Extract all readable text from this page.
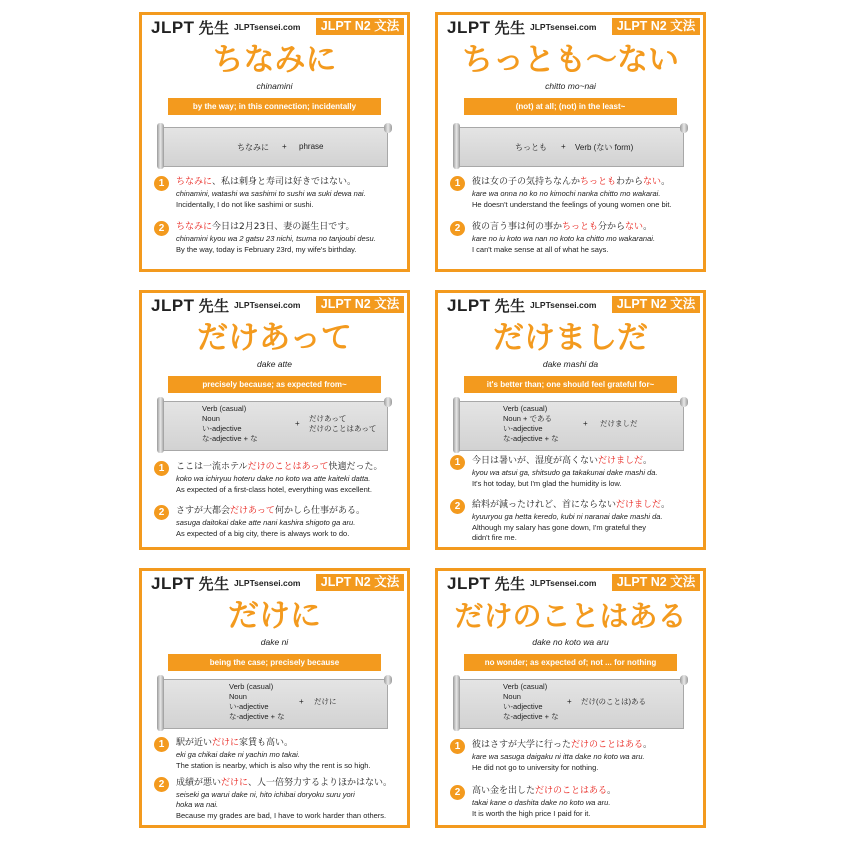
JLPT 先生 JLPTsensei.com	JLPT N2 文法
ちなみに
chinamini
by the way; in this connection; incidentally
ちなみに + phrase
1	ちなみに、私は刺身と寿司は好きではない。
chinamini, watashi wa sashimi to sushi wa suki dewa nai.
Incidentally, I do not like sashimi or sushi.
2	ちなみに今日は2月23日、妻の誕生日です。
chinamini kyou wa 2 gatsu 23 nichi, tsuma no tanjoubi desu.
By the way, today is February 23rd, my wife's birthday.
JLPT 先生 JLPTsensei.com	JLPT N2 文法
ちっとも〜ない
chitto mo~nai
(not) at all; (not) in the least~
ちっとも + Verb (ない form)
1	彼は女の子の気持ちなんかちっともわからない。
kare wa onna no ko no kimochi nanka chitto mo wakarai.
He doesn't understand the feelings of young women one bit.
2	彼の言う事は何の事かちっとも分からない。
kare no iu koto wa nan no koto ka chitto mo wakaranai.
I can't make sense at all of what he says.
JLPT 先生 JLPTsensei.com	JLPT N2 文法
だけあって
dake atte
precisely because; as expected from~
Verb (casual)
Noun
い-adjective
な-adjective + な
+
だけあって
だけのことはあって
1	ここは一流ホテルだけのことはあって快適だった。
koko wa ichiryuu hoteru dake no koto wa atte kaiteki datta.
As expected of a first-class hotel, everything was excellent.
2	さすが大都会だけあって何かしら仕事がある。
sasuga daitokai dake atte nani kashira shigoto ga aru.
As expected of a big city, there is always work to do.
JLPT 先生 JLPTsensei.com	JLPT N2 文法
だけましだ
dake mashi da
it's better than; one should feel grateful for~
Verb (casual)
Noun + である
い-adjective
な-adjective + な
+ だけましだ
1	今日は暑いが、湿度が高くないだけましだ。
kyou wa atsui ga, shitsudo ga takakunai dake mashi da.
It's hot today, but I'm glad the humidity is low.
2	給料が減ったけれど、首にならないだけましだ。
kyuuryou ga hetta keredo, kubi ni naranai dake mashi da.
Although my salary has gone down, I'm grateful they
didn't fire me.
JLPT 先生 JLPTsensei.com	JLPT N2 文法
だけに
dake ni
being the case; precisely because
Verb (casual)
Noun
い-adjective
な-adjective + な
+ だけに
1	駅が近いだけに家賃も高い。
eki ga chikai dake ni yachin mo takai.
The station is nearby, which is also why the rent is so high.
2	成績が悪いだけに、人一倍努力するよりほかはない。
seiseki ga warui dake ni, hito ichibai doryoku suru yori
hoka wa nai.
Because my grades are bad, I have to work harder than others.
JLPT 先生 JLPTsensei.com	JLPT N2 文法
だけのことはある
dake no koto wa aru
no wonder; as expected of; not ... for nothing
Verb (casual)
Noun
い-adjective
な-adjective + な
+ だけ(のことは)ある
1	彼はさすが大学に行っただけのことはある。
kare wa sasuga daigaku ni itta dake no koto wa aru.
He did not go to university for nothing.
2	高い金を出しただけのことはある。
takai kane o dashita dake no koto wa aru.
It is worth the high price I paid for it.
